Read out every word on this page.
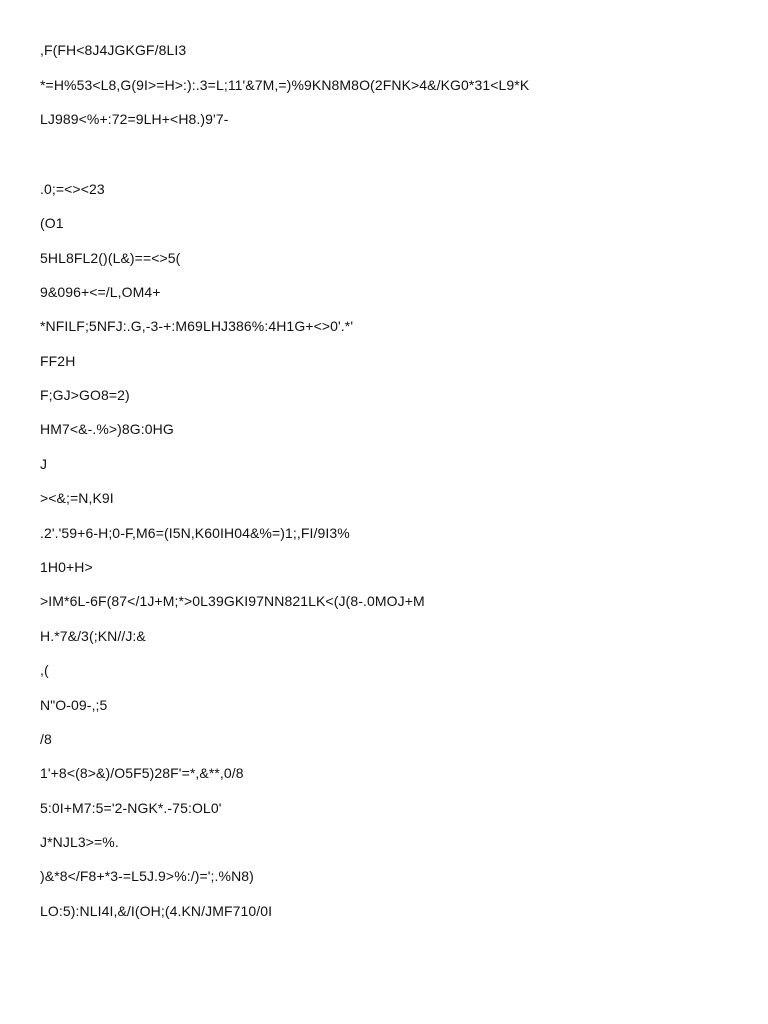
,F(FH<8J4JGKGF/8LI3
*=H%53<L8,G(9I>=H>:):.3=L;11'&7M,=)%9KN8M8O(2FNK>4&/KG0*31<L9*K
LJ989<%+:72=9LH+<H8.)9'7-
.0;=<><23
(O1
5HL8FL2()(L&)==<>5(
9&096+<=/L,OM4+
*NFILF;5NFJ:.G,-3-+:M69LHJ386%:4H1G+<>0'.*'
FF2H
F;GJ>GO8=2)
HM7<&-.%>)8G:0HG
J
><&;=N,K9I
.2'.'59+6-H;0-F,M6=(I5N,K60IH04&%=)1;,FI/9I3%
1H0+H>
>IM*6L-6F(87</1J+M;*>0L39GKI97NN821LK<(J(8-.0MOJ+M
H.*7&/3(;KN//J:&
,(
N"O-09-,;5
/8
1'+8<(8>&)/O5F5)28F'=*,&**,0/8
5:0I+M7:5='2-NGK*.-75:OL0'
J*NJL3>=%.
)&*8</F8+*3-=L5J.9>%:/)=';.%N8)
LO:5):NLI4I,&/I(OH;(4.KN/JMF710/0I
